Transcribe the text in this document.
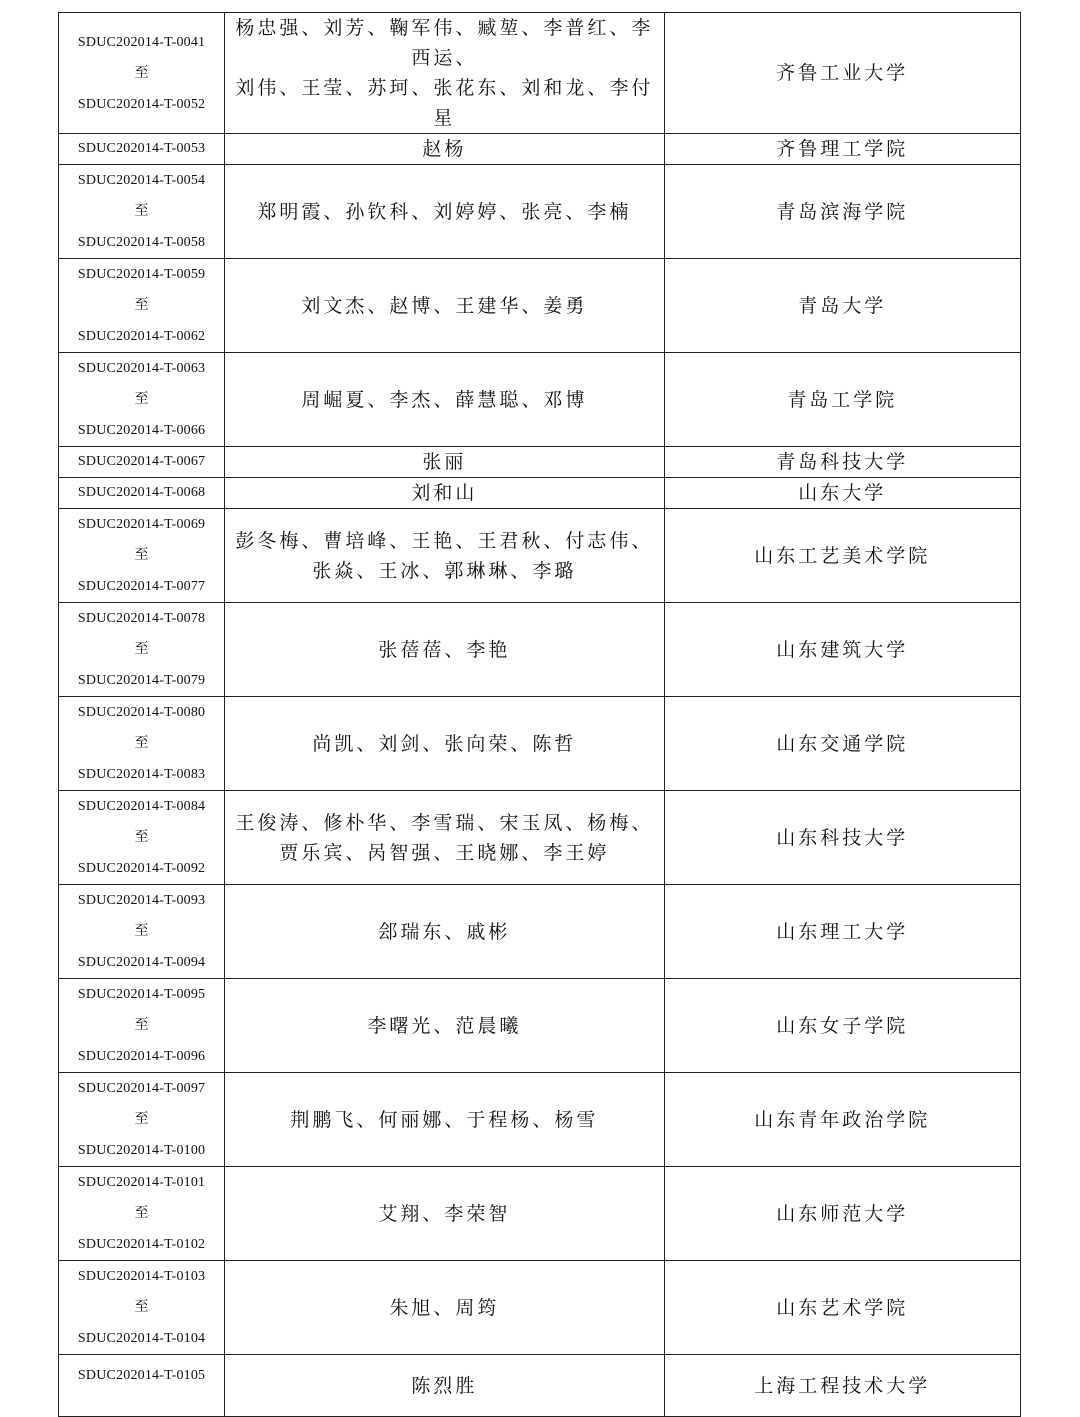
SDUC202014-T-0041
至
SDUC202014-T-0052	杨忠强、刘芳、鞠军伟、臧堃、李普红、李西运、
刘伟、王莹、苏珂、张花东、刘和龙、李付星	齐鲁工业大学

SDUC202014-T-0053	赵杨	齐鲁理工学院

SDUC202014-T-0054
至
SDUC202014-T-0058	郑明霞、孙钦科、刘婷婷、张亮、李楠	青岛滨海学院

SDUC202014-T-0059
至
SDUC202014-T-0062	刘文杰、赵博、王建华、姜勇	青岛大学

SDUC202014-T-0063
至
SDUC202014-T-0066	周崛夏、李杰、薛慧聪、邓博	青岛工学院

SDUC202014-T-0067	张丽	青岛科技大学

SDUC202014-T-0068	刘和山	山东大学

SDUC202014-T-0069
至
SDUC202014-T-0077	彭冬梅、曹培峰、王艳、王君秋、付志伟、
张焱、王冰、郭琳琳、李璐	山东工艺美术学院

SDUC202014-T-0078
至
SDUC202014-T-0079	张蓓蓓、李艳	山东建筑大学

SDUC202014-T-0080
至
SDUC202014-T-0083	尚凯、刘剑、张向荣、陈哲	山东交通学院

SDUC202014-T-0084
至
SDUC202014-T-0092	王俊涛、修朴华、李雪瑞、宋玉凤、杨梅、
贾乐宾、呙智强、王晓娜、李王婷	山东科技大学

SDUC202014-T-0093
至
SDUC202014-T-0094	郐瑞东、戚彬	山东理工大学

SDUC202014-T-0095
至
SDUC202014-T-0096	李曙光、范晨曦	山东女子学院

SDUC202014-T-0097
至
SDUC202014-T-0100	荆鹏飞、何丽娜、于程杨、杨雪	山东青年政治学院

SDUC202014-T-0101
至
SDUC202014-T-0102	艾翔、李荣智	山东师范大学

SDUC202014-T-0103
至
SDUC202014-T-0104	朱旭、周筠	山东艺术学院

SDUC202014-T-0105	陈烈胜	上海工程技术大学
